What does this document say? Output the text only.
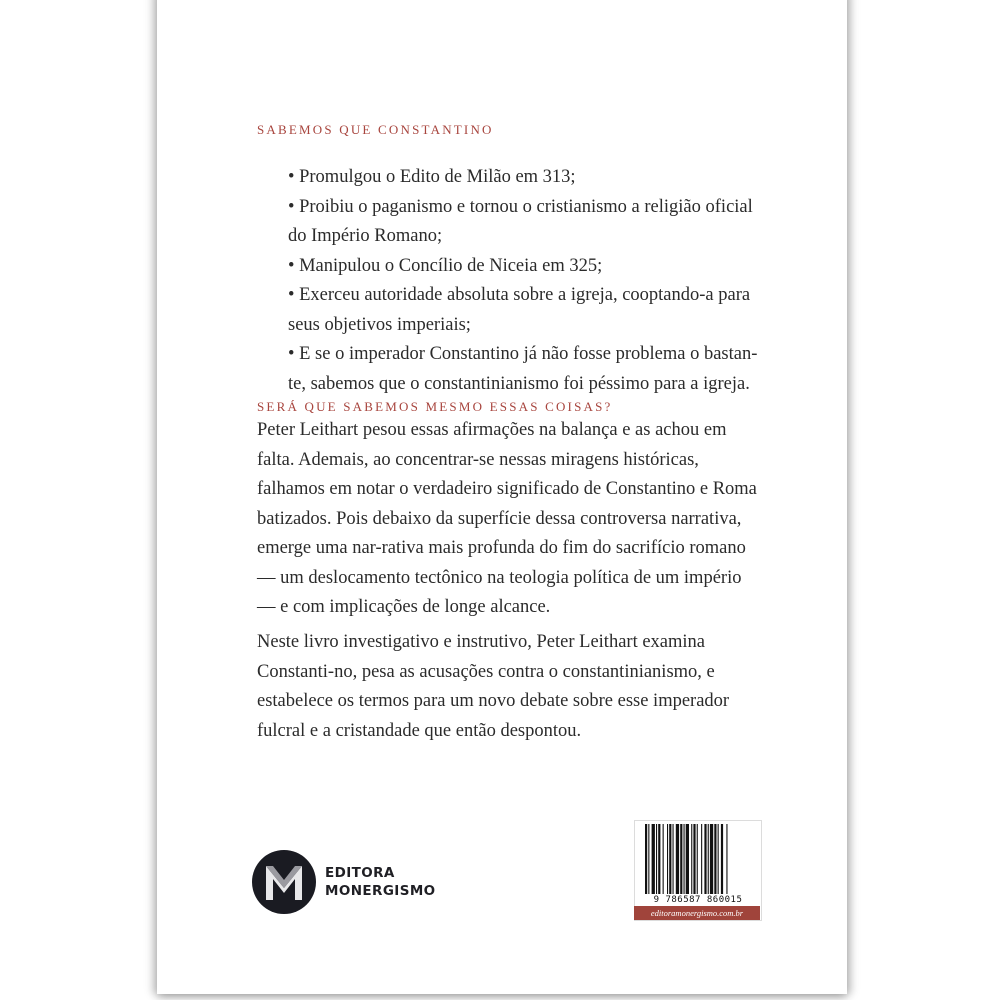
SABEMOS QUE CONSTANTINO
• Promulgou o Edito de Milão em 313;
• Proibiu o paganismo e tornou o cristianismo a religião oficial do Império Romano;
• Manipulou o Concílio de Niceia em 325;
• Exerceu autoridade absoluta sobre a igreja, cooptando-a para seus objetivos imperiais;
• E se o imperador Constantino já não fosse problema o bastan-te, sabemos que o constantinianismo foi péssimo para a igreja.
SERÁ QUE SABEMOS MESMO ESSAS COISAS?

Peter Leithart pesou essas afirmações na balança e as achou em falta. Ademais, ao concentrar-se nessas miragens históricas, falhamos em notar o verdadeiro significado de Constantino e Roma batizados. Pois debaixo da superfície dessa controversa narrativa, emerge uma nar-rativa mais profunda do fim do sacrifício romano — um deslocamento tectônico na teologia política de um império — e com implicações de longe alcance.

Neste livro investigativo e instrutivo, Peter Leithart examina Constanti-no, pesa as acusações contra o constantinianismo, e estabelece os termos para um novo debate sobre esse imperador fulcral e a cristandade que então despontou.

EDITORA
MONERGISMO
9 786587 860015
editoramonergismo.com.br
